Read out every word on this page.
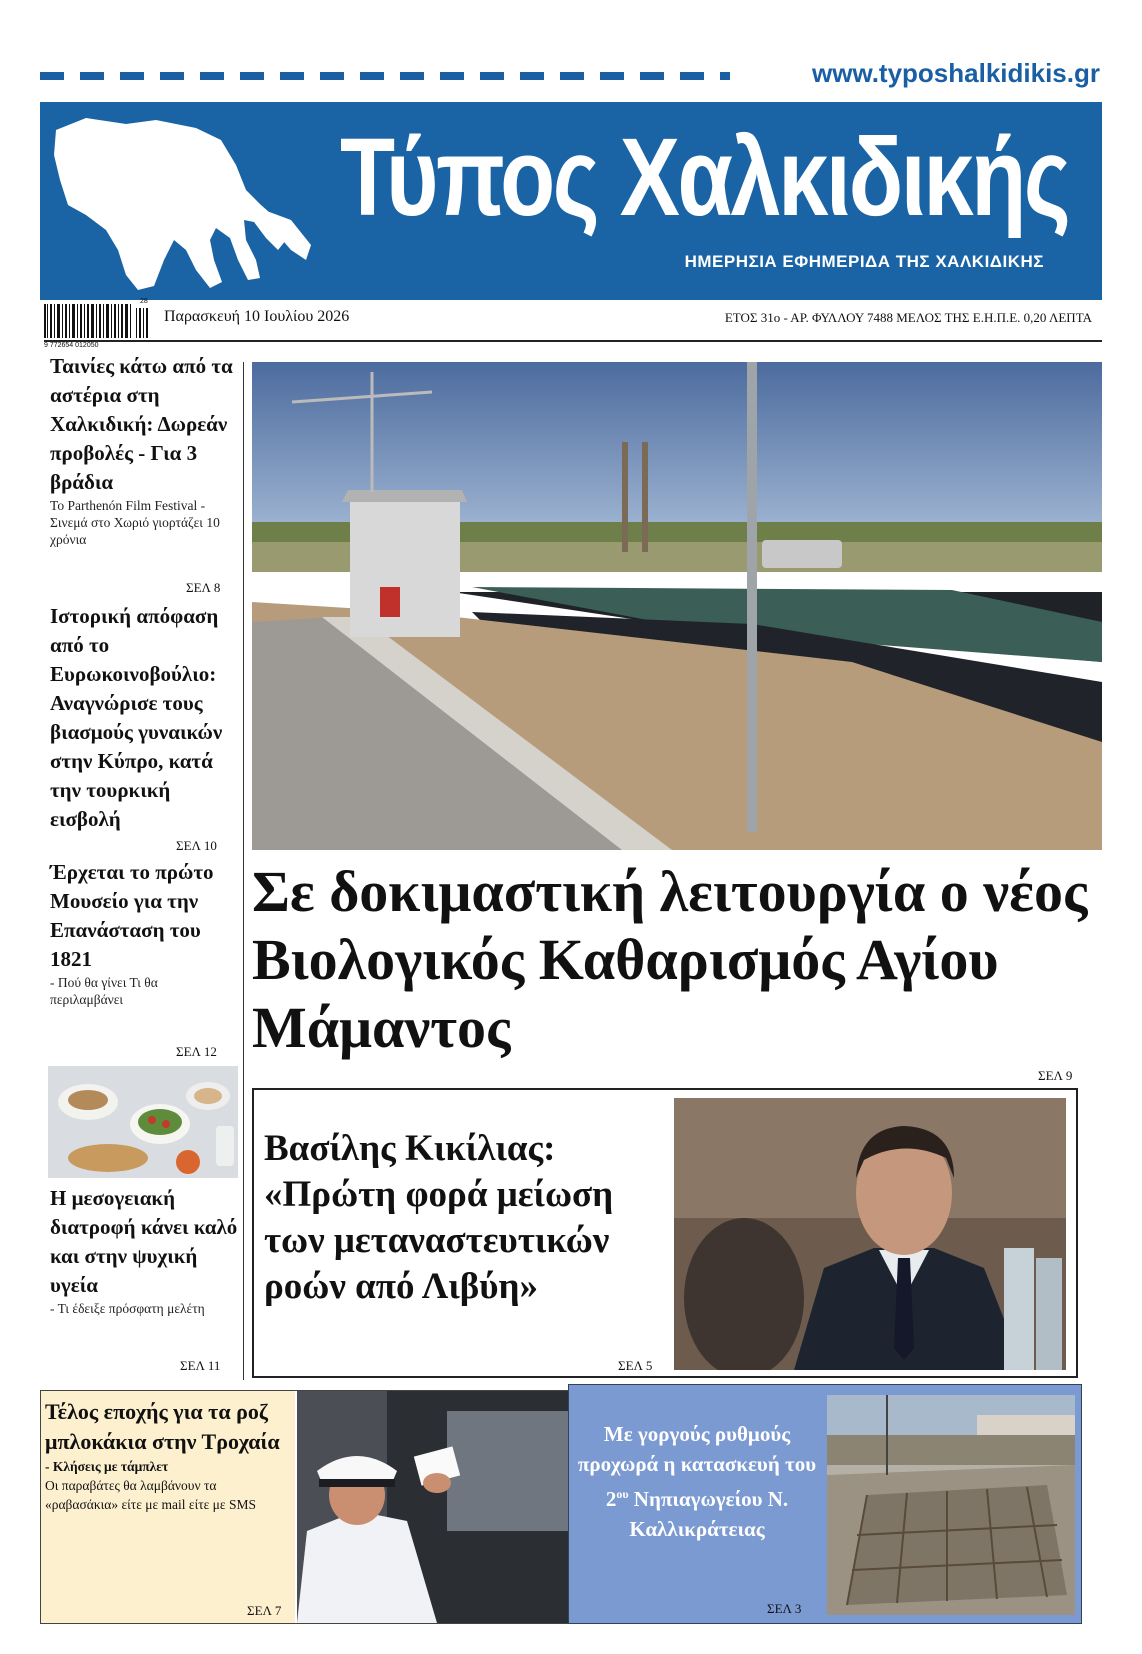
www.typoshalkidikis.gr
Τύπος Χαλκιδικής
ΗΜΕΡΗΣΙΑ ΕΦΗΜΕΡΙΔΑ ΤΗΣ ΧΑΛΚΙΔΙΚΗΣ
9 772654 012050
28
Παρασκευή 10 Ιουλίου 2026	ΕΤΟΣ 31ο - ΑΡ. ΦΥΛΛΟΥ 7488 ΜΕΛΟΣ ΤΗΣ Ε.Η.Π.Ε. 0,20 ΛΕΠΤΑ
Ταινίες κάτω από τα αστέρια στη Χαλκιδική: Δωρεάν προβολές - Για 3 βράδια

Το Parthenón Film Festival - Σινεμά στο Χωριό γιορτάζει 10 χρόνια

ΣΕΛ 8
Ιστορική απόφαση από το Ευρωκοινοβούλιο: Αναγνώρισε τους βιασμούς γυναικών στην Κύπρο, κατά την τουρκική εισβολή
ΣΕΛ 10
Έρχεται το πρώτο Μουσείο για την Επανάσταση του 1821

- Πού θα γίνει Τι θα περιλαμβάνει

ΣΕΛ 12
Η μεσογειακή διατροφή κάνει καλό και στην ψυχική υγεία

- Τι έδειξε πρόσφατη μελέτη

ΣΕΛ 11
Σε δοκιμαστική λειτουργία ο νέος Βιολογικός Καθαρισμός Αγίου Μάμαντος
ΣΕΛ 9
Βασίλης Κικίλιας: «Πρώτη φορά μείωση των μεταναστευτικών ροών από Λιβύη»
ΣΕΛ 5
Τέλος εποχής για τα ροζ μπλοκάκια στην Τροχαία

- Κλήσεις με τάμπλετ

Οι παραβάτες θα λαμβάνουν τα «ραβασάκια» είτε με mail είτε με SMS

ΣΕΛ 7
Με γοργούς ρυθμούς προχωρά η κατασκευή του $2^{o\upsilon}$ Νηπιαγωγείου Ν. Καλλικράτειας
ΣΕΛ 3
